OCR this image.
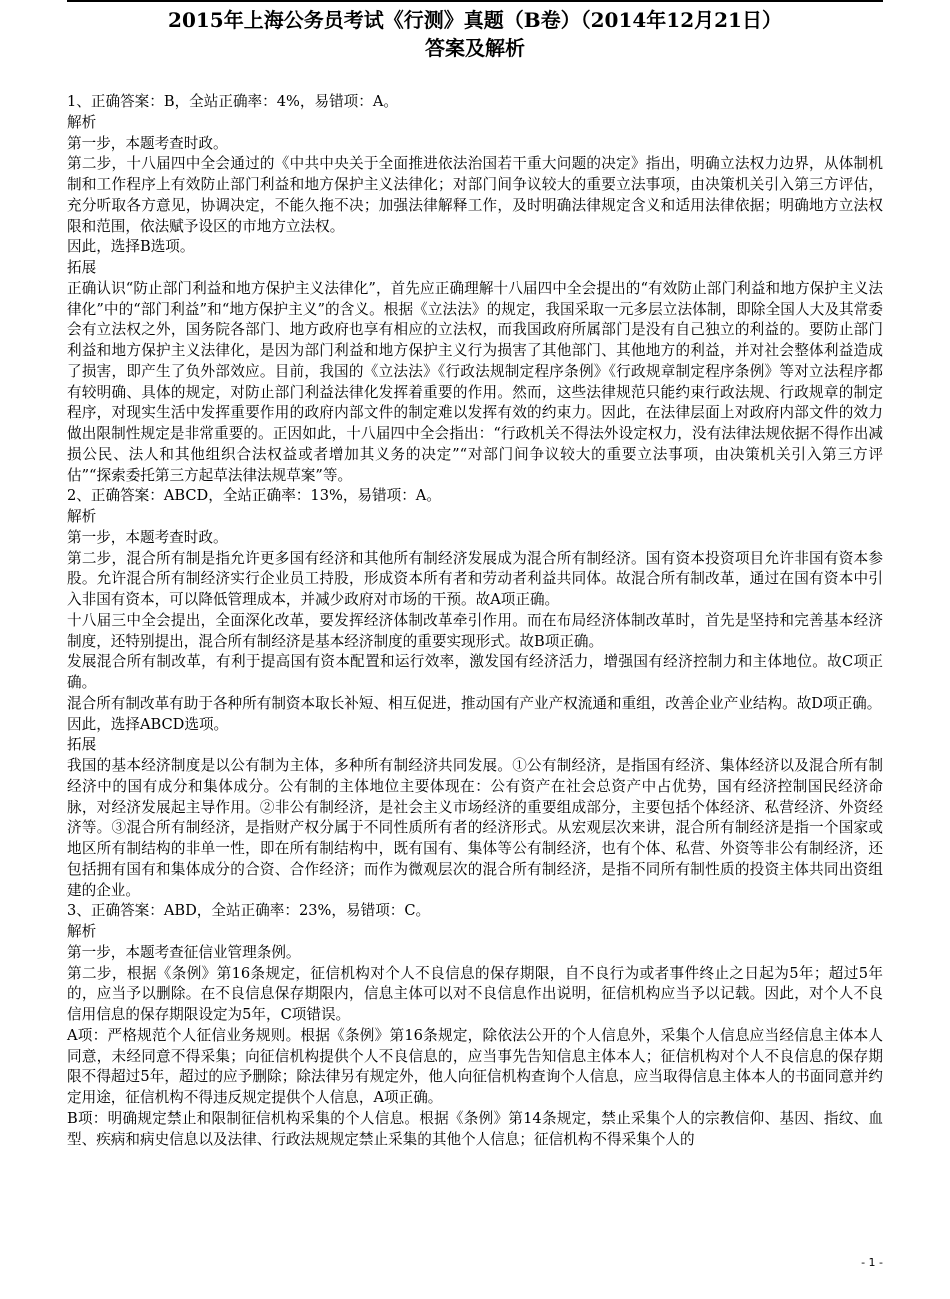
2015年上海公务员考试《行测》真题（B卷）（2014年12月21日）
答案及解析

1、正确答案：B，全站正确率：4%，易错项：A。

解析

第一步，本题考查时政。

第二步，十八届四中全会通过的《中共中央关于全面推进依法治国若干重大问题的决定》指出，明确立法权力边界，从体制机制和工作程序上有效防止部门利益和地方保护主义法律化；对部门间争议较大的重要立法事项，由决策机关引入第三方评估，充分听取各方意见，协调决定，不能久拖不决；加强法律解释工作，及时明确法律规定含义和适用法律依据；明确地方立法权限和范围，依法赋予设区的市地方立法权。

因此，选择B选项。

拓展

正确认识“防止部门利益和地方保护主义法律化”，首先应正确理解十八届四中全会提出的“有效防止部门利益和地方保护主义法律化”中的“部门利益”和“地方保护主义”的含义。根据《立法法》的规定，我国采取一元多层立法体制，即除全国人大及其常委会有立法权之外，国务院各部门、地方政府也享有相应的立法权，而我国政府所属部门是没有自己独立的利益的。要防止部门利益和地方保护主义法律化，是因为部门利益和地方保护主义行为损害了其他部门、其他地方的利益，并对社会整体利益造成了损害，即产生了负外部效应。目前，我国的《立法法》《行政法规制定程序条例》《行政规章制定程序条例》等对立法程序都有较明确、具体的规定，对防止部门利益法律化发挥着重要的作用。然而，这些法律规范只能约束行政法规、行政规章的制定程序，对现实生活中发挥重要作用的政府内部文件的制定难以发挥有效的约束力。因此，在法律层面上对政府内部文件的效力做出限制性规定是非常重要的。正因如此，十八届四中全会指出：“行政机关不得法外设定权力，没有法律法规依据不得作出减损公民、法人和其他组织合法权益或者增加其义务的决定”“对部门间争议较大的重要立法事项，由决策机关引入第三方评估”“探索委托第三方起草法律法规草案”等。

2、正确答案：ABCD，全站正确率：13%，易错项：A。

解析

第一步，本题考查时政。

第二步，混合所有制是指允许更多国有经济和其他所有制经济发展成为混合所有制经济。国有资本投资项目允许非国有资本参股。允许混合所有制经济实行企业员工持股，形成资本所有者和劳动者利益共同体。故混合所有制改革，通过在国有资本中引入非国有资本，可以降低管理成本，并减少政府对市场的干预。故A项正确。

十八届三中全会提出，全面深化改革，要发挥经济体制改革牵引作用。而在布局经济体制改革时，首先是坚持和完善基本经济制度，还特别提出，混合所有制经济是基本经济制度的重要实现形式。故B项正确。

发展混合所有制改革，有利于提高国有资本配置和运行效率，激发国有经济活力，增强国有经济控制力和主体地位。故C项正确。

混合所有制改革有助于各种所有制资本取长补短、相互促进，推动国有产业产权流通和重组，改善企业产业结构。故D项正确。

因此，选择ABCD选项。

拓展

我国的基本经济制度是以公有制为主体，多种所有制经济共同发展。①公有制经济，是指国有经济、集体经济以及混合所有制经济中的国有成分和集体成分。公有制的主体地位主要体现在：公有资产在社会总资产中占优势，国有经济控制国民经济命脉，对经济发展起主导作用。②非公有制经济，是社会主义市场经济的重要组成部分，主要包括个体经济、私营经济、外资经济等。③混合所有制经济，是指财产权分属于不同性质所有者的经济形式。从宏观层次来讲，混合所有制经济是指一个国家或地区所有制结构的非单一性，即在所有制结构中，既有国有、集体等公有制经济，也有个体、私营、外资等非公有制经济，还包括拥有国有和集体成分的合资、合作经济；而作为微观层次的混合所有制经济，是指不同所有制性质的投资主体共同出资组建的企业。

3、正确答案：ABD，全站正确率：23%，易错项：C。

解析

第一步，本题考查征信业管理条例。

第二步，根据《条例》第16条规定，征信机构对个人不良信息的保存期限，自不良行为或者事件终止之日起为5年；超过5年的，应当予以删除。在不良信息保存期限内，信息主体可以对不良信息作出说明，征信机构应当予以记载。因此，对个人不良信用信息的保存期限设定为5年，C项错误。

A项：严格规范个人征信业务规则。根据《条例》第16条规定，除依法公开的个人信息外，采集个人信息应当经信息主体本人同意，未经同意不得采集；向征信机构提供个人不良信息的，应当事先告知信息主体本人；征信机构对个人不良信息的保存期限不得超过5年，超过的应予删除；除法律另有规定外，他人向征信机构查询个人信息，应当取得信息主体本人的书面同意并约定用途，征信机构不得违反规定提供个人信息，A项正确。

B项：明确规定禁止和限制征信机构采集的个人信息。根据《条例》第14条规定，禁止采集个人的宗教信仰、基因、指纹、血型、疾病和病史信息以及法律、行政法规规定禁止采集的其他个人信息；征信机构不得采集个人的

- 1 -
